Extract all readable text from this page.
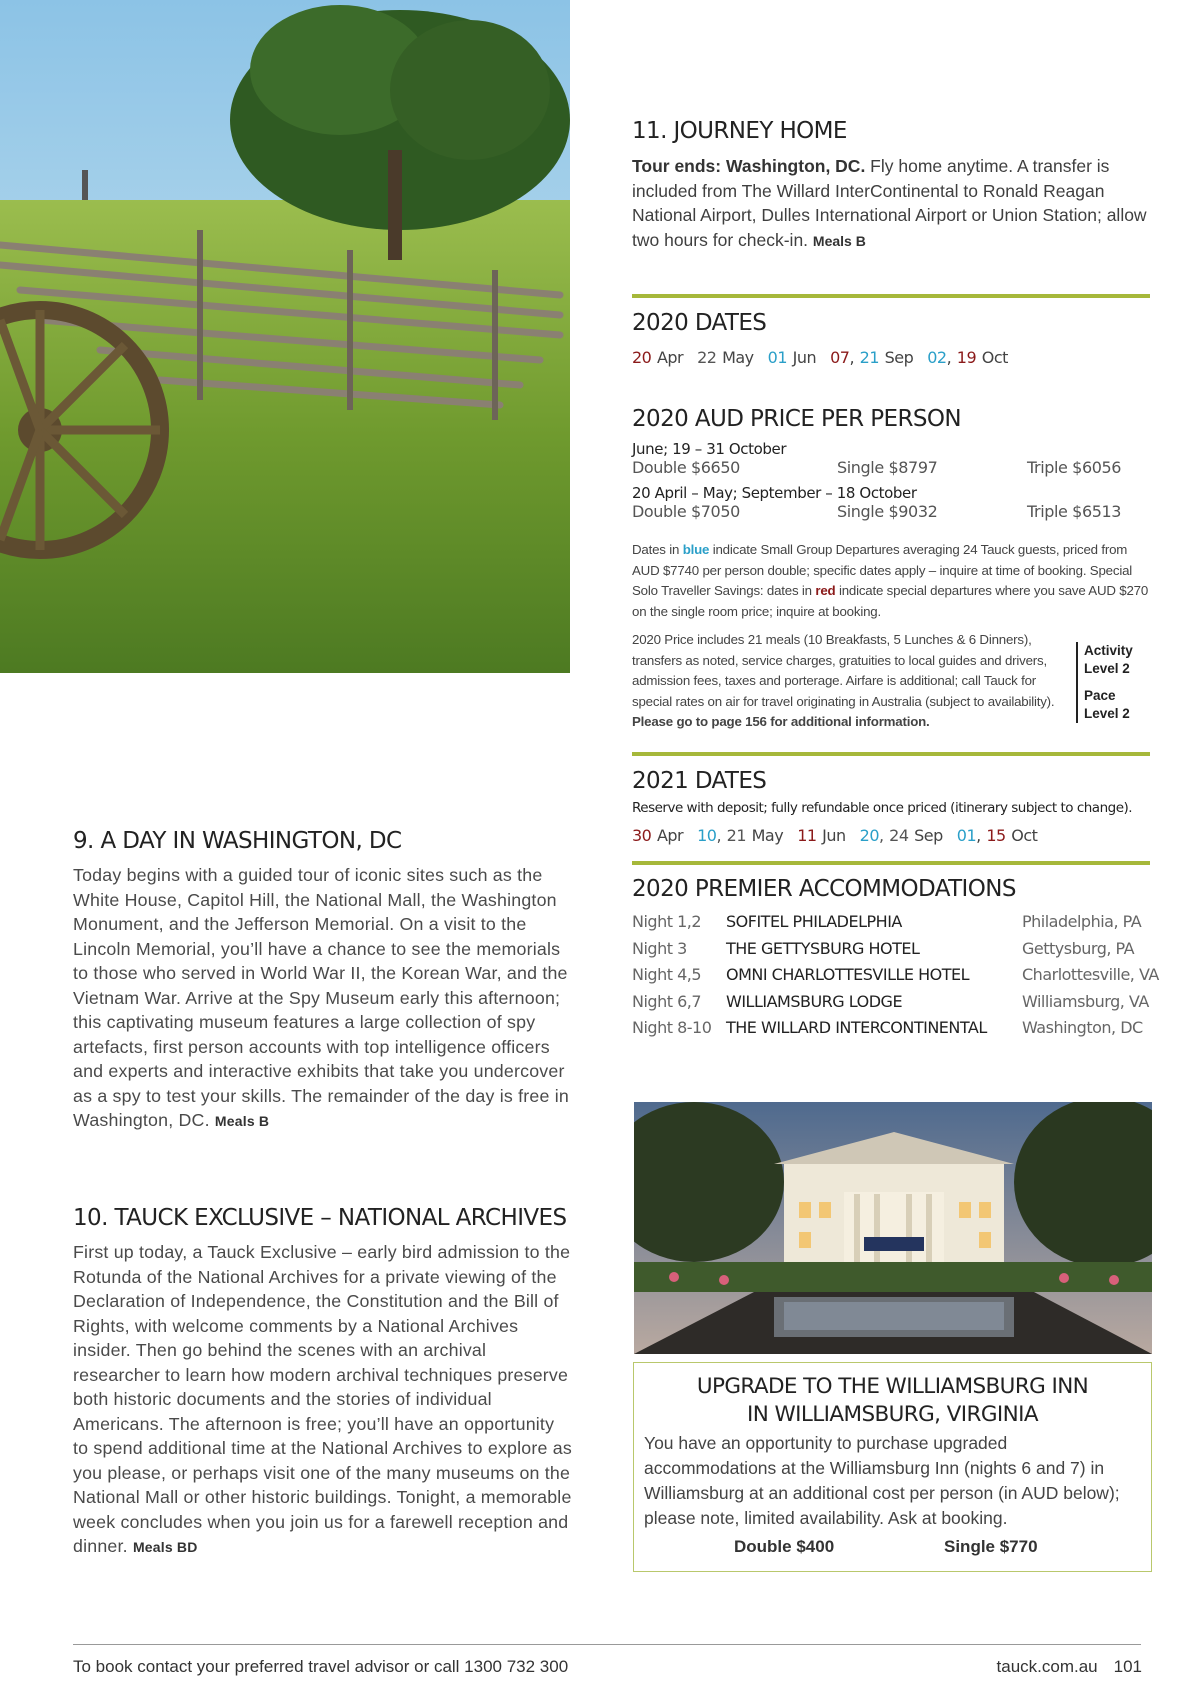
11. JOURNEY HOME

Tour ends: Washington, DC. Fly home anytime. A transfer is included from The Willard InterContinental to Ronald Reagan National Airport, Dulles International Airport or Union Station; allow two hours for check-in. Meals B

2020 DATES
20 Apr 22 May 01 Jun 07, 21 Sep 02, 19 Oct
2020 AUD PRICE PER PERSON
June; 19 – 31 October
Double $6650	Single $8797	Triple $6056
20 April – May; September – 18 October
Double $7050	Single $9032	Triple $6513

Dates in blue indicate Small Group Departures averaging 24 Tauck guests, priced from AUD $7740 per person double; specific dates apply – inquire at time of booking. Special Solo Traveller Savings: dates in red indicate special departures where you save AUD $270 on the single room price; inquire at booking.

2020 Price includes 21 meals (10 Breakfasts, 5 Lunches & 6 Dinners), transfers as noted, service charges, gratuities to local guides and drivers, admission fees, taxes and porterage. Airfare is additional; call Tauck for special rates on air for travel originating in Australia (subject to availability). Please go to page 156 for additional information.

Activity
Level 2
Pace
Level 2
2021 DATES
Reserve with deposit; fully refundable once priced (itinerary subject to change).
30 Apr 10, 21 May 11 Jun 20, 24 Sep 01, 15 Oct
2020 PREMIER ACCOMMODATIONS
Night 1,2 SOFITEL PHILADELPHIA	Philadelphia, PA
Night 3 THE GETTYSBURG HOTEL	Gettysburg, PA
Night 4,5 OMNI CHARLOTTESVILLE HOTEL	Charlottesville, VA
Night 6,7 WILLIAMSBURG LODGE	Williamsburg, VA
Night 8-10 THE WILLARD INTERCONTINENTAL Washington, DC
UPGRADE TO THE WILLIAMSBURG INN
IN WILLIAMSBURG, VIRGINIA

You have an opportunity to purchase upgraded accommodations at the Williamsburg Inn (nights 6 and 7) in Williamsburg at an additional cost per person (in AUD below); please note, limited availability. Ask at booking.

Double $400	Single $770
9. A DAY IN WASHINGTON, DC

Today begins with a guided tour of iconic sites such as the White House, Capitol Hill, the National Mall, the Washington Monument, and the Jefferson Memorial. On a visit to the Lincoln Memorial, you’ll have a chance to see the memorials to those who served in World War II, the Korean War, and the Vietnam War. Arrive at the Spy Museum early this afternoon; this captivating museum features a large collection of spy artefacts, first person accounts with top intelligence officers and experts and interactive exhibits that take you undercover as a spy to test your skills. The remainder of the day is free in Washington, DC. Meals B

10. TAUCK EXCLUSIVE – NATIONAL ARCHIVES

First up today, a Tauck Exclusive – early bird admission to the Rotunda of the National Archives for a private viewing of the Declaration of Independence, the Constitution and the Bill of Rights, with welcome comments by a National Archives insider. Then go behind the scenes with an archival researcher to learn how modern archival techniques preserve both historic documents and the stories of individual Americans. The afternoon is free; you’ll have an opportunity to spend additional time at the National Archives to explore as you please, or perhaps visit one of the many museums on the National Mall or other historic buildings. Tonight, a memorable week concludes when you join us for a farewell reception and dinner. Meals BD

To book contact your preferred travel advisor or call 1300 732 300	tauck.com.au 101
